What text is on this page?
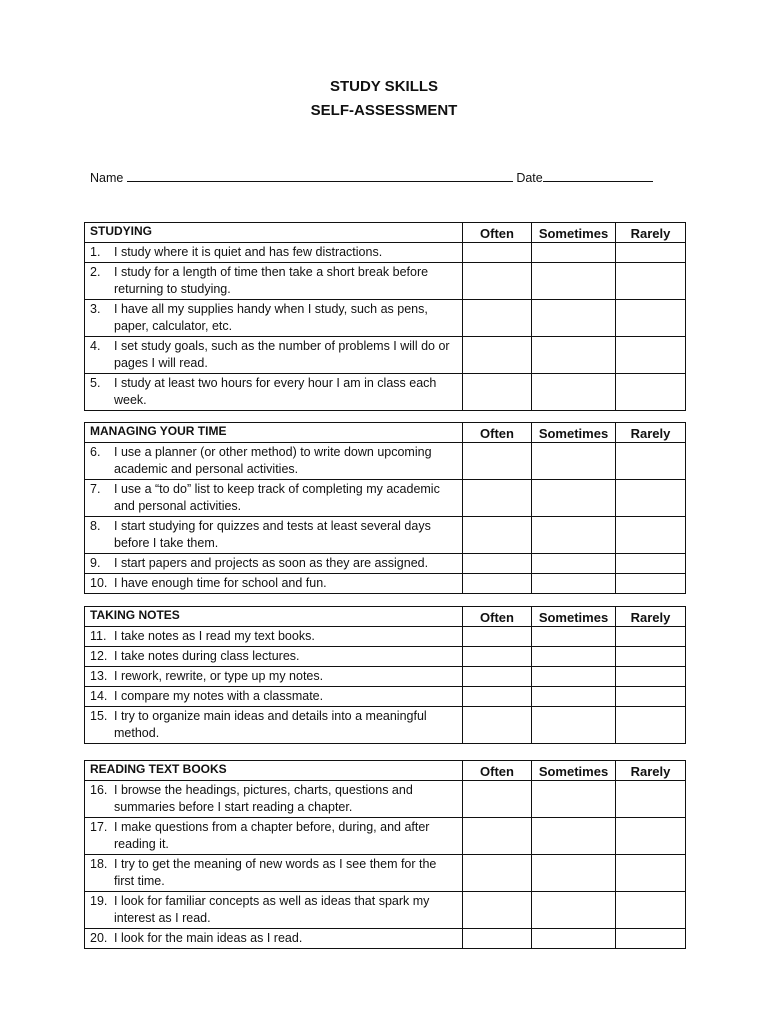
STUDY SKILLS
SELF-ASSESSMENT
Name	Date
STUDYING	Often	Sometimes	Rarely

1. I study where it is quiet and has few distractions.			

2. I study for a length of time then take a short break before returning to studying.			

3. I have all my supplies handy when I study, such as pens, paper, calculator, etc.			

4. I set study goals, such as the number of problems I will do or pages I will read.			

5. I study at least two hours for every hour I am in class each week.			

MANAGING YOUR TIME	Often	Sometimes	Rarely

6. I use a planner (or other method) to write down upcoming academic and personal activities.			

7. I use a “to do” list to keep track of completing my academic and personal activities.			

8. I start studying for quizzes and tests at least several days before I take them.			

9. I start papers and projects as soon as they are assigned.			

10. I have enough time for school and fun.			

TAKING NOTES	Often	Sometimes	Rarely

11. I take notes as I read my text books.			

12. I take notes during class lectures.			

13. I rework, rewrite, or type up my notes.			

14. I compare my notes with a classmate.			

15. I try to organize main ideas and details into a meaningful method.			

READING TEXT BOOKS	Often	Sometimes	Rarely

16. I browse the headings, pictures, charts, questions and summaries before I start reading a chapter.			

17. I make questions from a chapter before, during, and after reading it.			

18. I try to get the meaning of new words as I see them for the first time.			

19. I look for familiar concepts as well as ideas that spark my interest as I read.			

20. I look for the main ideas as I read.			
